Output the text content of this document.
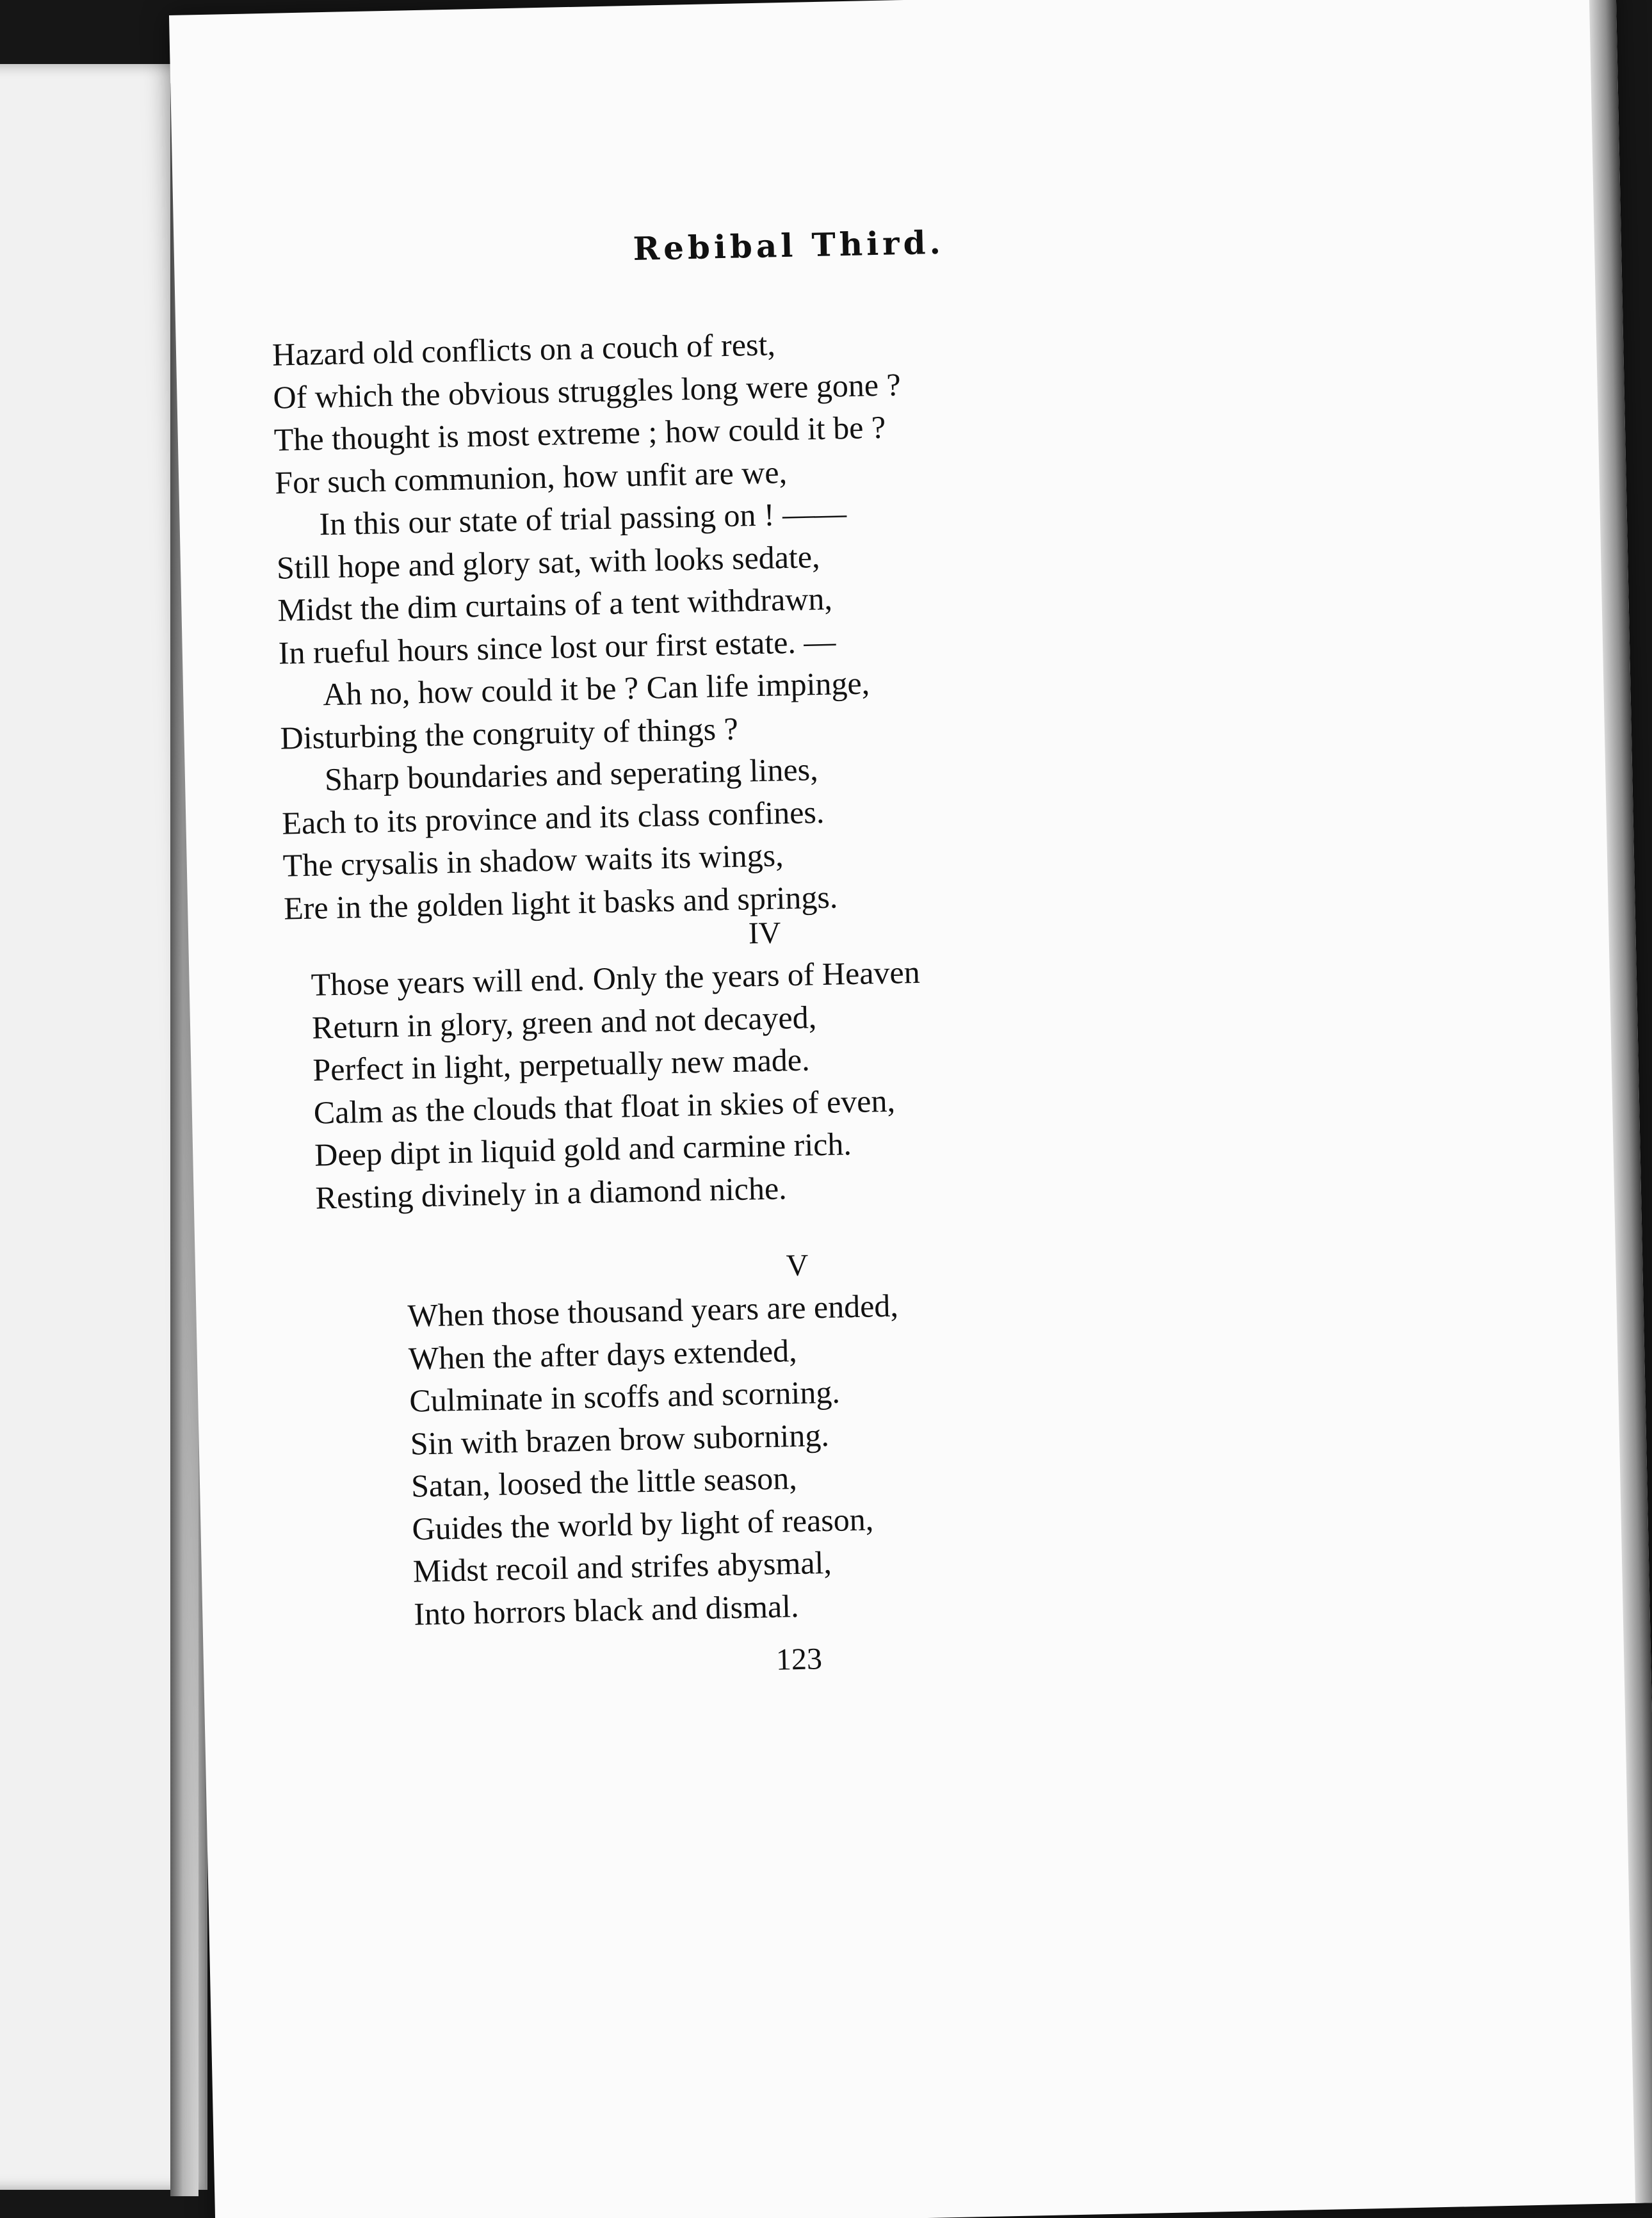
Rebibal Third.
Hazard old conflicts on a couch of rest,
Of which the obvious struggles long were gone ?
The thought is most extreme ; how could it be ?
For such communion, how unfit are we,
In this our state of trial passing on ! ——
Still hope and glory sat, with looks sedate,
Midst the dim curtains of a tent withdrawn,
In rueful hours since lost our first estate. —
Ah no, how could it be ? Can life impinge,
Disturbing the congruity of things ?
Sharp boundaries and seperating lines,
Each to its province and its class confines.
The crysalis in shadow waits its wings,
Ere in the golden light it basks and springs.
IV
Those years will end. Only the years of Heaven
Return in glory, green and not decayed,
Perfect in light, perpetually new made.
Calm as the clouds that float in skies of even,
Deep dipt in liquid gold and carmine rich.
Resting divinely in a diamond niche.
V
When those thousand years are ended,
When the after days extended,
Culminate in scoffs and scorning.
Sin with brazen brow suborning.
Satan, loosed the little season,
Guides the world by light of reason,
Midst recoil and strifes abysmal,
Into horrors black and dismal.
123
